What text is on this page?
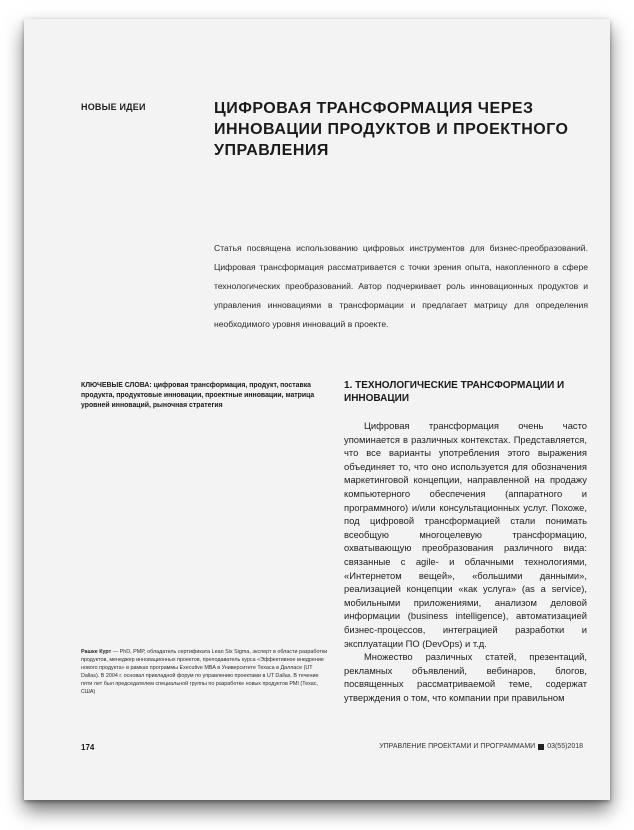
НОВЫЕ ИДЕИ	ЦИФРОВАЯ ТРАНСФОРМАЦИЯ ЧЕРЕЗ ИННОВАЦИИ ПРОДУКТОВ И ПРОЕКТНОГО УПРАВЛЕНИЯ
Статья посвящена использованию цифровых инструментов для бизнес-преобразований. Цифровая трансформация рассматривается с точки зрения опыта, накопленного в сфере технологических преобразований. Автор подчеркивает роль инновационных продуктов и управления инновациями в трансформации и предлагает матрицу для определения необходимого уровня инноваций в проекте.
КЛЮЧЕВЫЕ СЛОВА: цифровая трансформация, продукт, поставка продукта, продуктовые инновации, проектные инновации, матрица уровней инноваций, рыночная стратегия
Рашке Курт — PhD, PMP, обладатель сертификата Lean Six Sigma, эксперт в области разработки продуктов, менеджер инновационных проектов, преподаватель курса «Эффективное внедрение нового продукта» в рамках программы Executive MBA в Университете Техаса в Далласе (UT Dallas). В 2004 г. основал прикладной форум по управлению проектами в UT Dallas. В течение пяти лет был председателем специальной группы по разработке новых продуктов PMI (Техас, США)
1. ТЕХНОЛОГИЧЕСКИЕ ТРАНСФОРМАЦИИ И ИННОВАЦИИ

Цифровая трансформация очень часто упоминается в различных контекстах. Представляется, что все варианты употребления этого выражения объединяет то, что оно используется для обозначения маркетинговой концепции, направленной на продажу компьютерного обеспечения (аппаратного и программного) и/или консультационных услуг. Похоже, под цифровой трансформацией стали понимать всеобщую многоцелевую трансформацию, охватывающую преобразования различного вида: связанные с agile- и облачными технологиями, «Интернетом вещей», «большими данными», реализацией концепции «как услуга» (as a service), мобильными приложениями, анализом деловой информации (business intelligence), автоматизацией бизнес-процессов, интеграцией разработки и эксплуатации ПО (DevOps) и т.д.

Множество различных статей, презентаций, рекламных объявлений, вебинаров, блогов, посвященных рассматриваемой теме, содержат утверждения о том, что компании при правильном

174	УПРАВЛЕНИЕ ПРОЕКТАМИ И ПРОГРАММАМИ 03(55)2018
